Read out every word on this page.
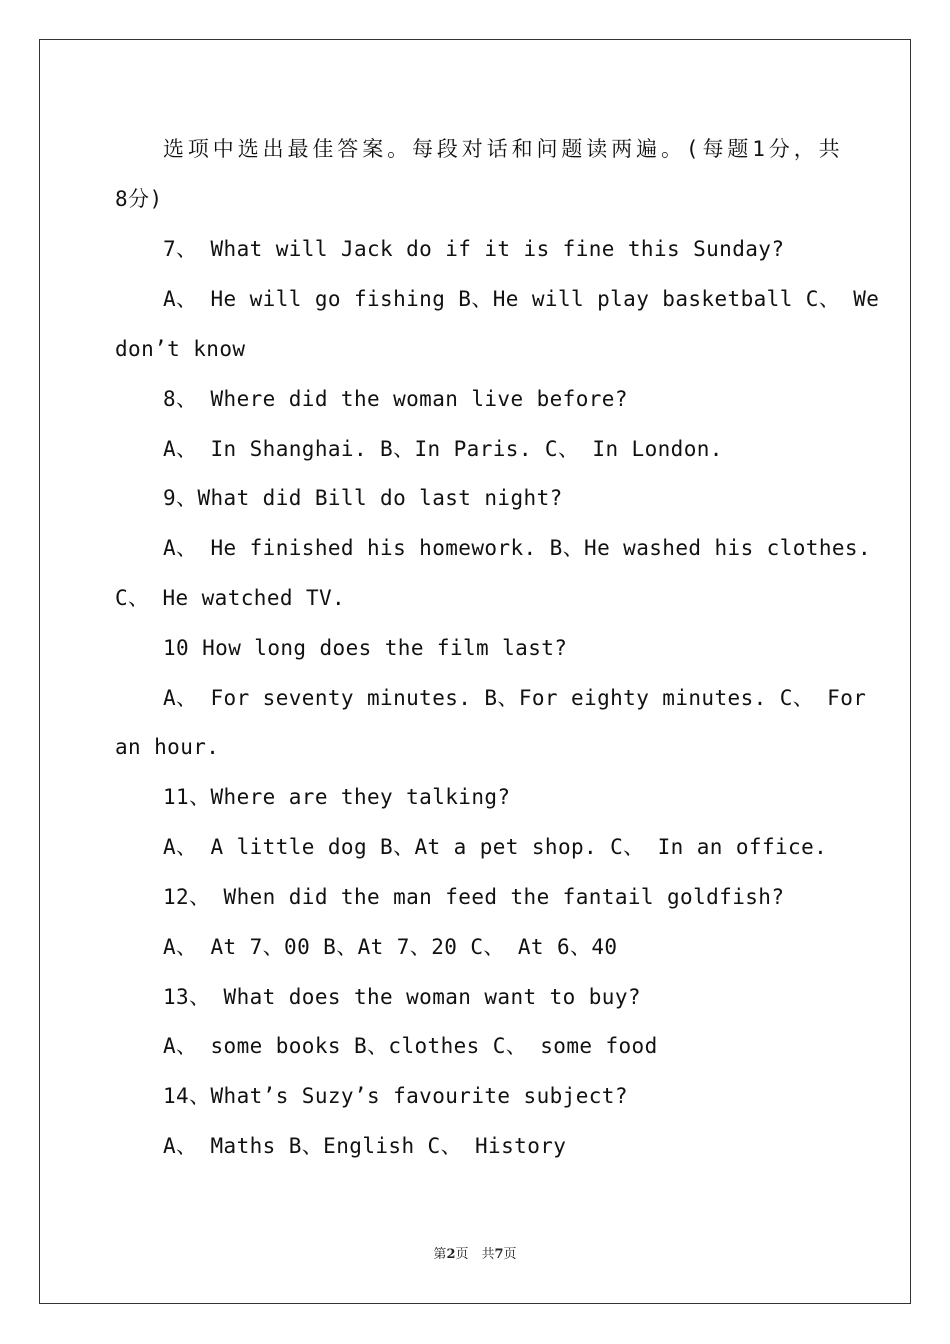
选项中选出最佳答案。每段对话和问题读两遍。(每题1分，共
8分)
7、 What will Jack do if it is fine this Sunday?
A、 He will go fishing B、He will play basketball C、 We
don’t know
8、 Where did the woman live before?
A、 In Shanghai. B、In Paris. C、 In London.
9、What did Bill do last night?
A、 He finished his homework. B、He washed his clothes.
C、 He watched TV.
10 How long does the film last?
A、 For seventy minutes. B、For eighty minutes. C、 For
an hour.
11、Where are they talking?
A、 A little dog B、At a pet shop. C、 In an office.
12、 When did the man feed the fantail goldfish?
A、 At 7、00 B、At 7、20 C、 At 6、40
13、 What does the woman want to buy?
A、 some books B、clothes C、 some food
14、What’s Suzy’s favourite subject?
A、 Maths B、English C、 History
第2页　共7页
